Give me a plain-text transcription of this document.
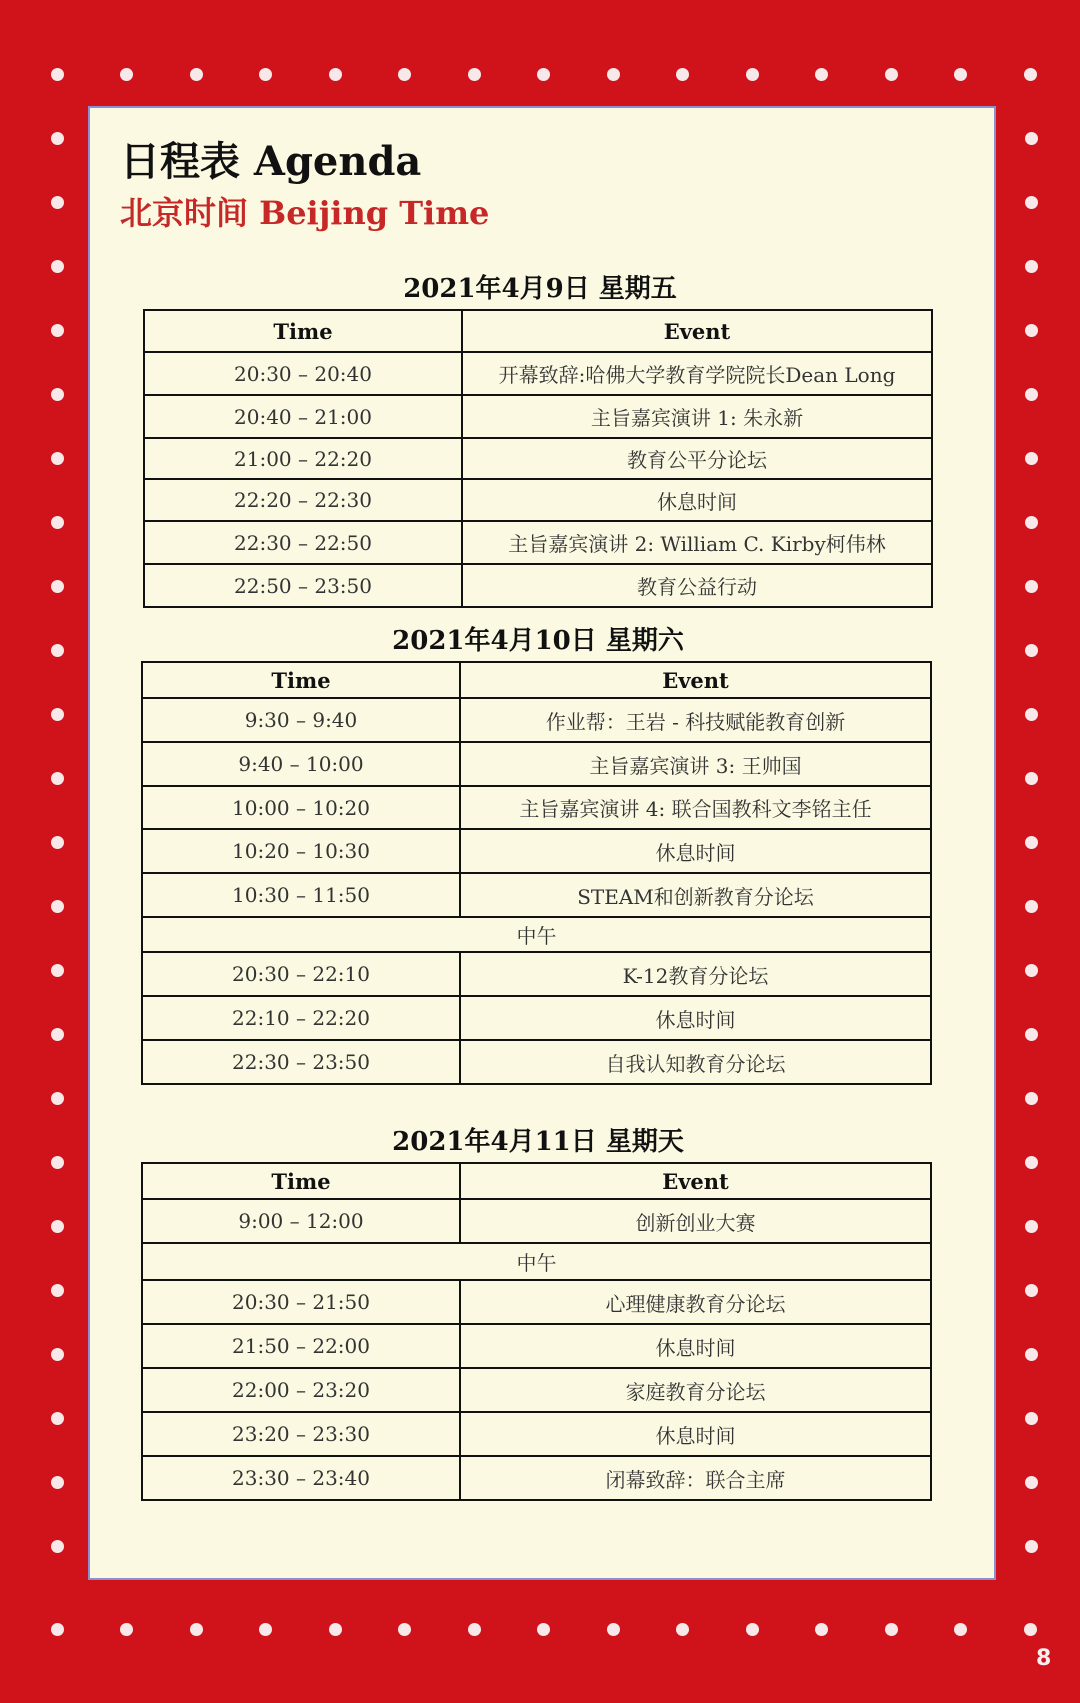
日程表 Agenda
北京时间 Beijing Time
2021年4月9日 星期五
Time	Event
20:30 – 20:40	开幕致辞:哈佛大学教育学院院长Dean Long
20:40 – 21:00	主旨嘉宾演讲 1: 朱永新
21:00 – 22:20	教育公平分论坛
22:20 – 22:30	休息时间
22:30 – 22:50	主旨嘉宾演讲 2: William C. Kirby柯伟林
22:50 – 23:50	教育公益行动
2021年4月10日 星期六
Time	Event
9:30 – 9:40	作业帮：王岩 - 科技赋能教育创新
9:40 – 10:00	主旨嘉宾演讲 3: 王帅国
10:00 – 10:20	主旨嘉宾演讲 4: 联合国教科文李铭主任
10:20 – 10:30	休息时间
10:30 – 11:50	STEAM和创新教育分论坛
中午	
20:30 – 22:10	K-12教育分论坛
22:10 – 22:20	休息时间
22:30 – 23:50	自我认知教育分论坛
2021年4月11日 星期天
Time	Event
9:00 – 12:00	创新创业大赛
中午	
20:30 – 21:50	心理健康教育分论坛
21:50 – 22:00	休息时间
22:00 – 23:20	家庭教育分论坛
23:20 – 23:30	休息时间
23:30 – 23:40	闭幕致辞：联合主席
8
